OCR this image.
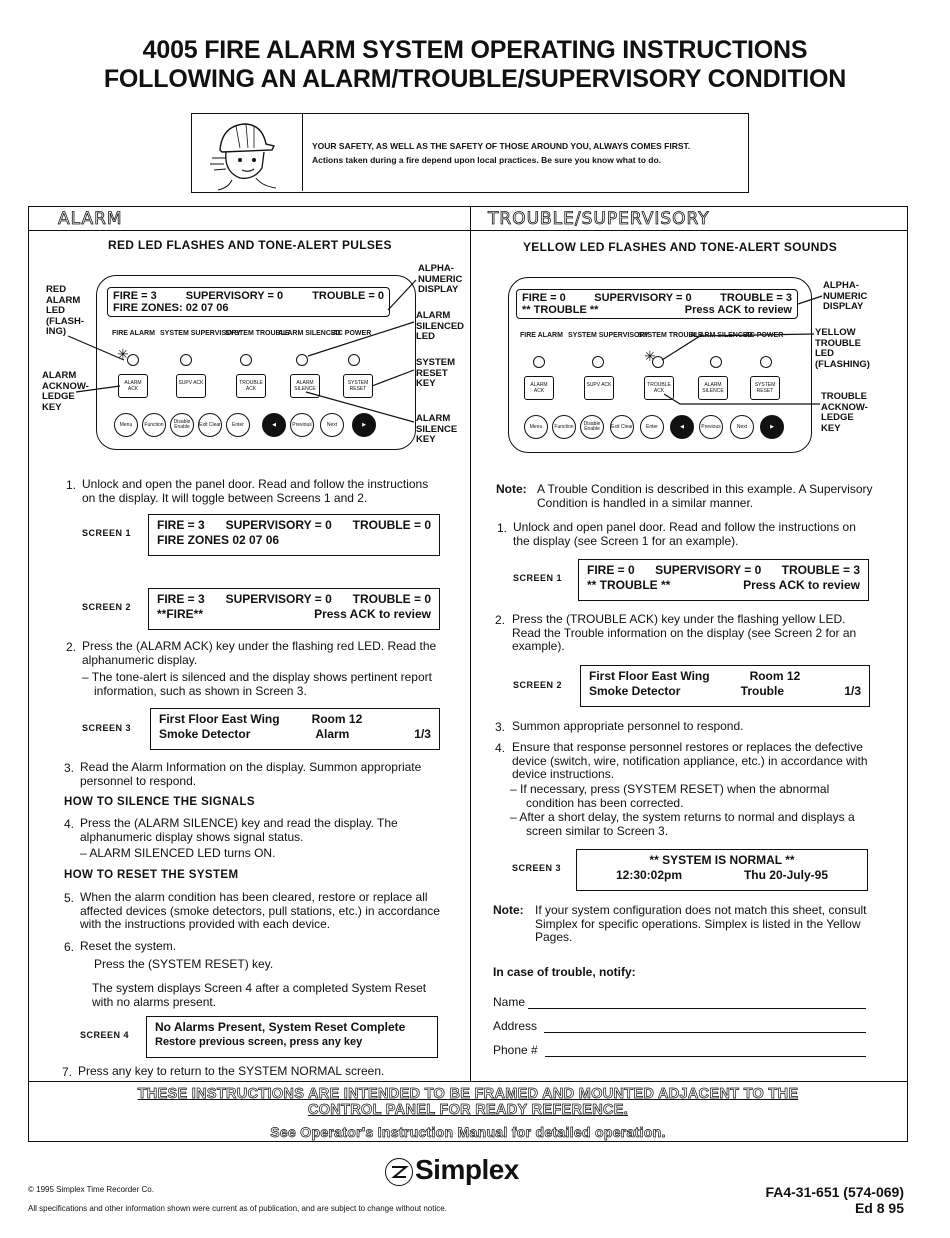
4005 FIRE ALARM SYSTEM OPERATING INSTRUCTIONS
FOLLOWING AN ALARM/TROUBLE/SUPERVISORY CONDITION
YOUR SAFETY, AS WELL AS THE SAFETY OF THOSE AROUND YOU, ALWAYS COMES FIRST.
Actions taken during a fire depend upon local practices. Be sure you know what to do.
ALARM	TROUBLE/SUPERVISORY
RED LED FLASHES AND TONE-ALERT PULSES	YELLOW LED FLASHES AND TONE-ALERT SOUNDS
FIRE = 3	SUPERVISORY = 0	TROUBLE = 0
FIRE ZONES: 02 07 06
FIRE ALARM SYSTEM SUPERVISORY
SYSTEM TROUBLE
ALARM SILENCED
AC POWER
✳
ALARM ACK
SUPV ACK	TROUBLE ACK
ALARM SILENCE
SYSTEM RESET
Menu	Function	Disable Enable	Exit Clear	Enter	◀	Previous	Next	▶
RED
ALARM
LED
(FLASH-
ING)
ALARM
ACKNOW-
LEDGE
KEY
ALPHA-
NUMERIC
DISPLAY
ALARM
SILENCED
LED
SYSTEM
RESET
KEY
ALARM
SILENCE
KEY
FIRE = 0	SUPERVISORY = 0	TROUBLE = 3
** TROUBLE **	Press ACK to review
FIRE ALARM SYSTEM SUPERVISORY
SYSTEM TROUBLE
ALARM SILENCED
AC POWER
✳
ALARM ACK
SUPV ACK	TROUBLE ACK
ALARM SILENCE
SYSTEM RESET
Menu	Function	Disable Enable	Exit Clear	Enter	◀	Previous	Next	▶
ALPHA-
NUMERIC
DISPLAY
YELLOW
TROUBLE
LED
(FLASHING)
TROUBLE
ACKNOW-
LEDGE
KEY
1. Unlock and open the panel door. Read and follow the instructions on the display. It will toggle between Screens 1 and 2.
SCREEN 1
FIRE = 3 SUPERVISORY = 0 TROUBLE = 0
FIRE ZONES 02 07 06
SCREEN 2
FIRE = 3 SUPERVISORY = 0 TROUBLE = 0
**FIRE**	Press ACK to review
2. Press the (ALARM ACK) key under the flashing red LED. Read the alphanumeric display.
– The tone-alert is silenced and the display shows pertinent report information, such as shown in Screen 3.
SCREEN 3
First Floor East Wing	Room 12
Smoke Detector	Alarm	1/3
3. Read the Alarm Information on the display. Summon appropriate personnel to respond.
HOW TO SILENCE THE SIGNALS
4. Press the (ALARM SILENCE) key and read the display. The alphanumeric display shows signal status.
– ALARM SILENCED LED turns ON.
HOW TO RESET THE SYSTEM
5. When the alarm condition has been cleared, restore or replace all affected devices (smoke detectors, pull stations, etc.) in accordance with the instructions provided with each device.
6. Reset the system.
Press the (SYSTEM RESET) key.
The system displays Screen 4 after a completed System Reset with no alarms present.
SCREEN 4
No Alarms Present, System Reset Complete
Restore previous screen, press any key
7. Press any key to return to the SYSTEM NORMAL screen.
Note: A Trouble Condition is described in this example. A Supervisory Condition is handled in a similar manner.
1. Unlock and open panel door. Read and follow the instructions on the display (see Screen 1 for an example).
SCREEN 1
FIRE = 0 SUPERVISORY = 0 TROUBLE = 3
** TROUBLE **	Press ACK to review
2. Press the (TROUBLE ACK) key under the flashing yellow LED. Read the Trouble information on the display (see Screen 2 for an example).
SCREEN 2
First Floor East Wing	Room 12
Smoke Detector	Trouble	1/3
3. Summon appropriate personnel to respond.
4. Ensure that response personnel restores or replaces the defective device (switch, wire, notification appliance, etc.) in accordance with device instructions.
– If necessary, press (SYSTEM RESET) when the abnormal condition has been corrected.
– After a short delay, the system returns to normal and displays a screen similar to Screen 3.
SCREEN 3
** SYSTEM IS NORMAL **
12:30:02pm	Thu 20-July-95
Note: If your system configuration does not match this sheet, consult Simplex for specific operations. Simplex is listed in the Yellow Pages.
In case of trouble, notify:
Name
Address
Phone #
THESE INSTRUCTIONS ARE INTENDED TO BE FRAMED AND MOUNTED ADJACENT TO THE
CONTROL PANEL FOR READY REFERENCE.
See Operator's Instruction Manual for detailed operation.
Simplex
© 1995 Simplex Time Recorder Co.
All specifications and other information shown were current as of publication, and are subject to change without notice.
FA4-31-651 (574-069)
Ed 8 95
